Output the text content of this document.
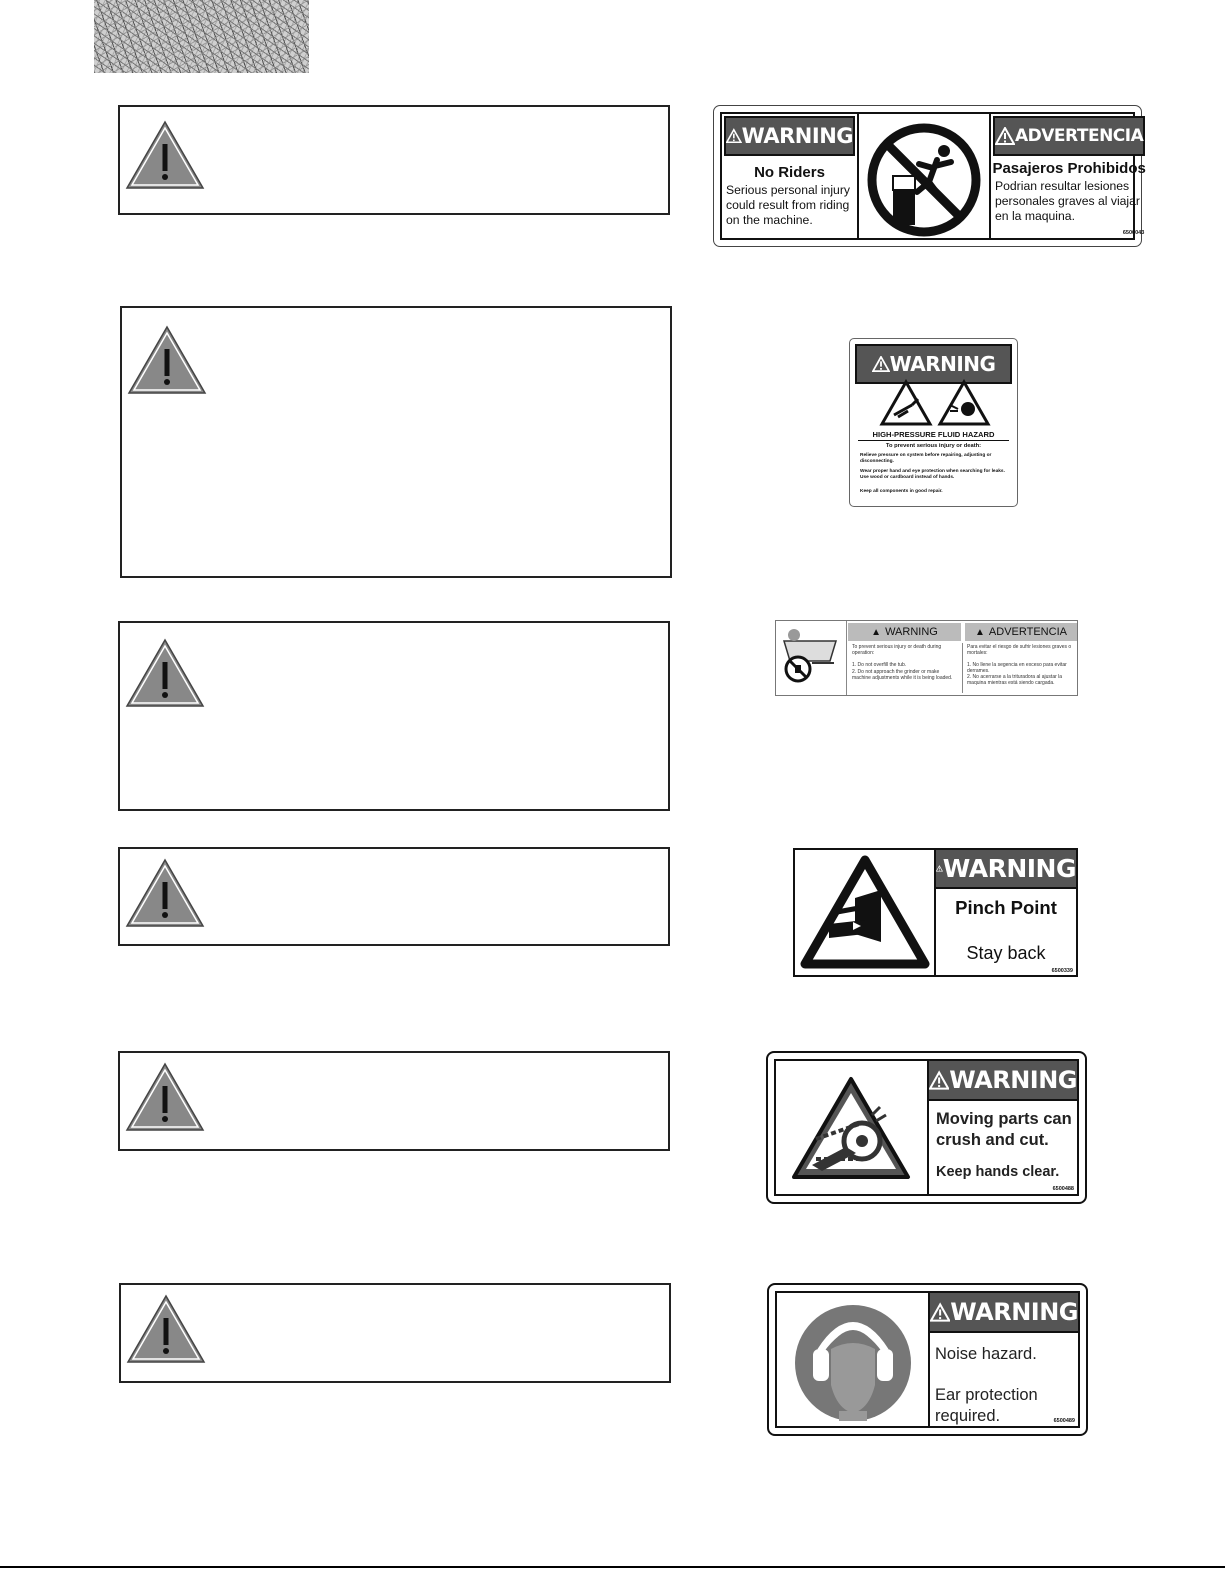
WARNING
No Riders
Serious personal injury could result from riding on the machine.
ADVERTENCIA
Pasajeros Prohibidos
Podrian resultar lesiones personales graves al viajar en la maquina.
6500043
WARNING
HIGH-PRESSURE FLUID HAZARD
To prevent serious injury or death:
Relieve pressure on system before repairing, adjusting or disconnecting.
Wear proper hand and eye protection when searching for leaks. Use wood or cardboard instead of hands.
Keep all components in good repair.
▲ WARNING	▲ ADVERTENCIA
To prevent serious injury or death during operation:
1. Do not overfill the tub.
2. Do not approach the grinder or make machine adjustments while it is being loaded.
Para evitar el riesgo de sufrir lesiones graves o mortales:
1. No llene la segencia en exceso para evitar derrames.
2. No acerrarse a la trituradora al ajustar la maquina mientras está siendo cargada.
WARNING
Pinch Point
Stay back
6500339
WARNING
Moving parts can
crush and cut.
Keep hands clear.
6500488
WARNING
Noise hazard.
Ear protection
required.	6500489
